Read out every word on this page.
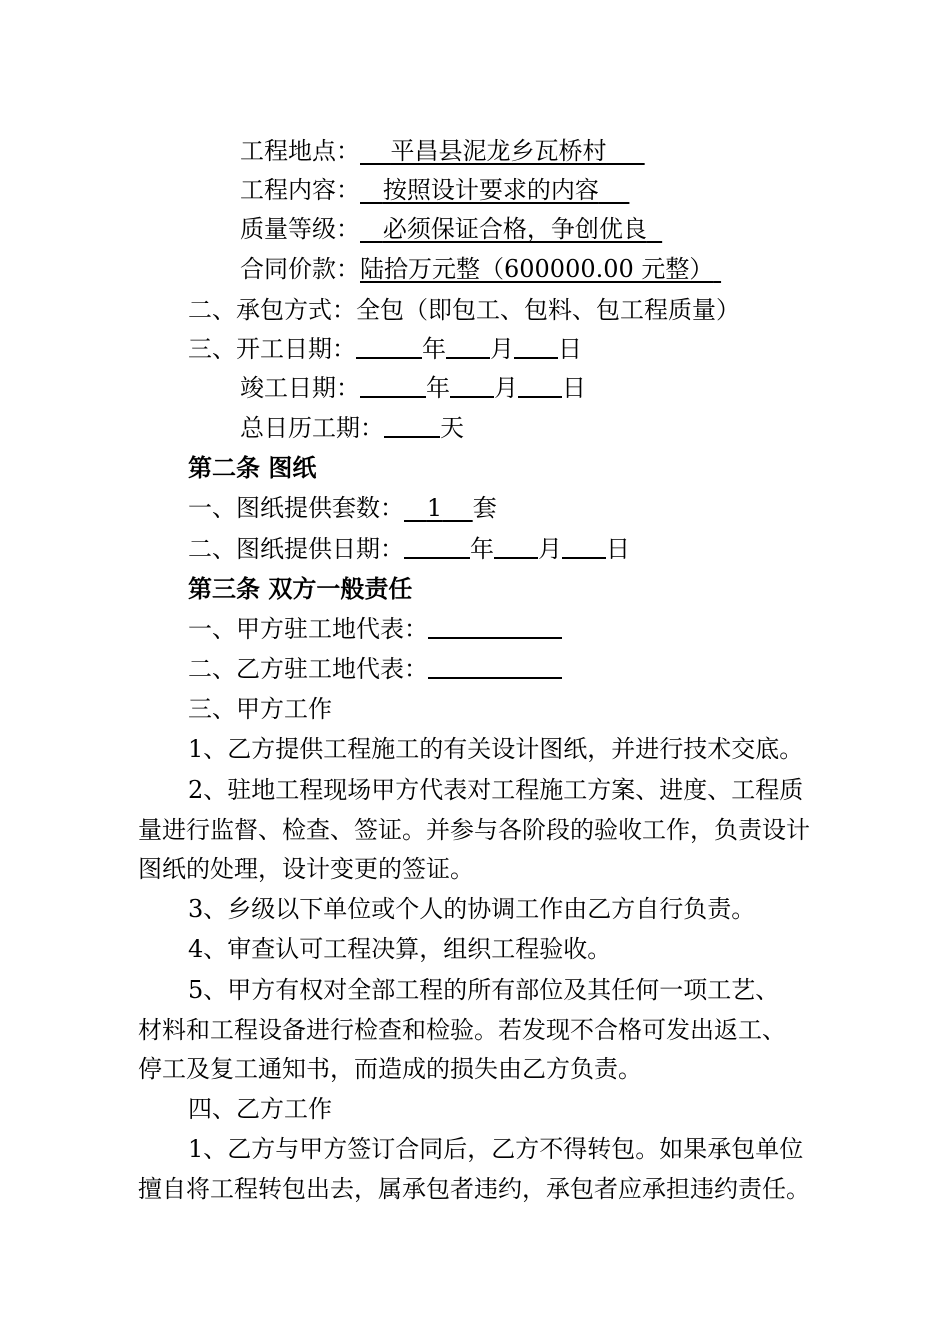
工程地点： 平昌县泥龙乡瓦桥村
工程内容： 按照设计要求的内容
质量等级： 必须保证合格，争创优良
合同价款：陆拾万元整（600000.00 元整）
二、承包方式：全包（即包工、包料、包工程质量）
三、开工日期：	年 月 日
竣工日期：	年 月 日
总日历工期： 天
第二条 图纸
一、图纸提供套数： 1 套
二、图纸提供日期：	年 月 日
第三条 双方一般责任
一、甲方驻工地代表：
二、乙方驻工地代表：
三、甲方工作
1、乙方提供工程施工的有关设计图纸，并进行技术交底。
2、驻地工程现场甲方代表对工程施工方案、进度、工程质
量进行监督、检查、签证。并参与各阶段的验收工作，负责设计
图纸的处理，设计变更的签证。
3、乡级以下单位或个人的协调工作由乙方自行负责。
4、审查认可工程决算，组织工程验收。
5、甲方有权对全部工程的所有部位及其任何一项工艺、
材料和工程设备进行检查和检验。若发现不合格可发出返工、
停工及复工通知书，而造成的损失由乙方负责。
四、乙方工作
1、乙方与甲方签订合同后，乙方不得转包。如果承包单位
擅自将工程转包出去，属承包者违约，承包者应承担违约责任。
